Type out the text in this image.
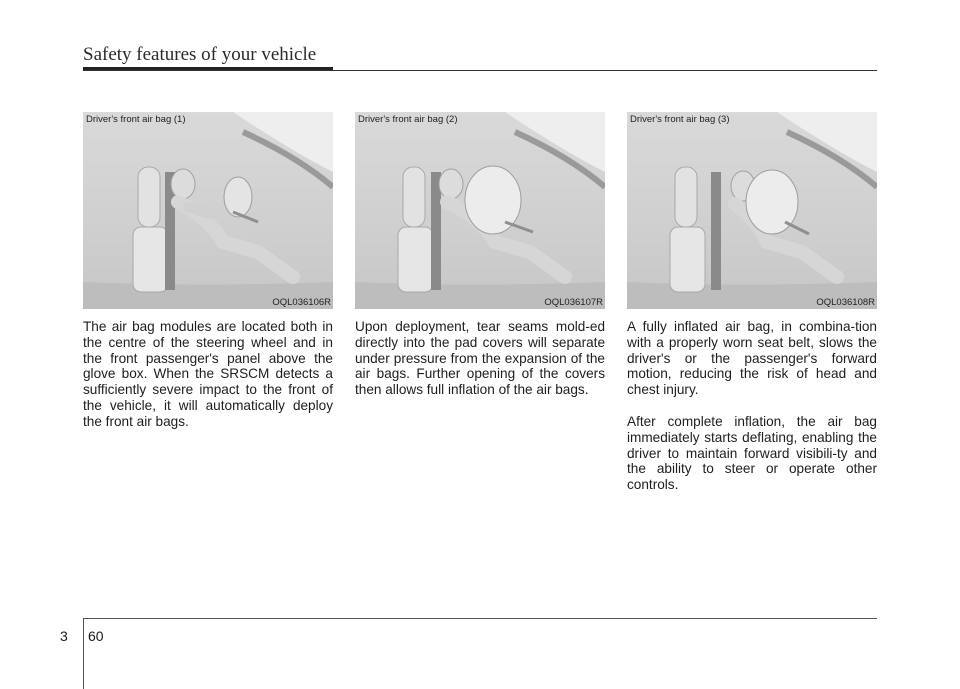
Safety features of your vehicle
Driver's front air bag (1)
OQL036106R

The air bag modules are located both in the centre of the steering wheel and in the front passenger's panel above the glove box. When the SRSCM detects a sufficiently severe impact to the front of the vehicle, it will automatically deploy the front air bags.

Driver's front air bag (2)
OQL036107R

Upon deployment, tear seams mold-ed directly into the pad covers will separate under pressure from the expansion of the air bags. Further opening of the covers then allows full inflation of the air bags.

Driver's front air bag (3)
OQL036108R

A fully inflated air bag, in combina-tion with a properly worn seat belt, slows the driver's or the passenger's forward motion, reducing the risk of head and chest injury.

After complete inflation, the air bag immediately starts deflating, enabling the driver to maintain forward visibili-ty and the ability to steer or operate other controls.

3 60
